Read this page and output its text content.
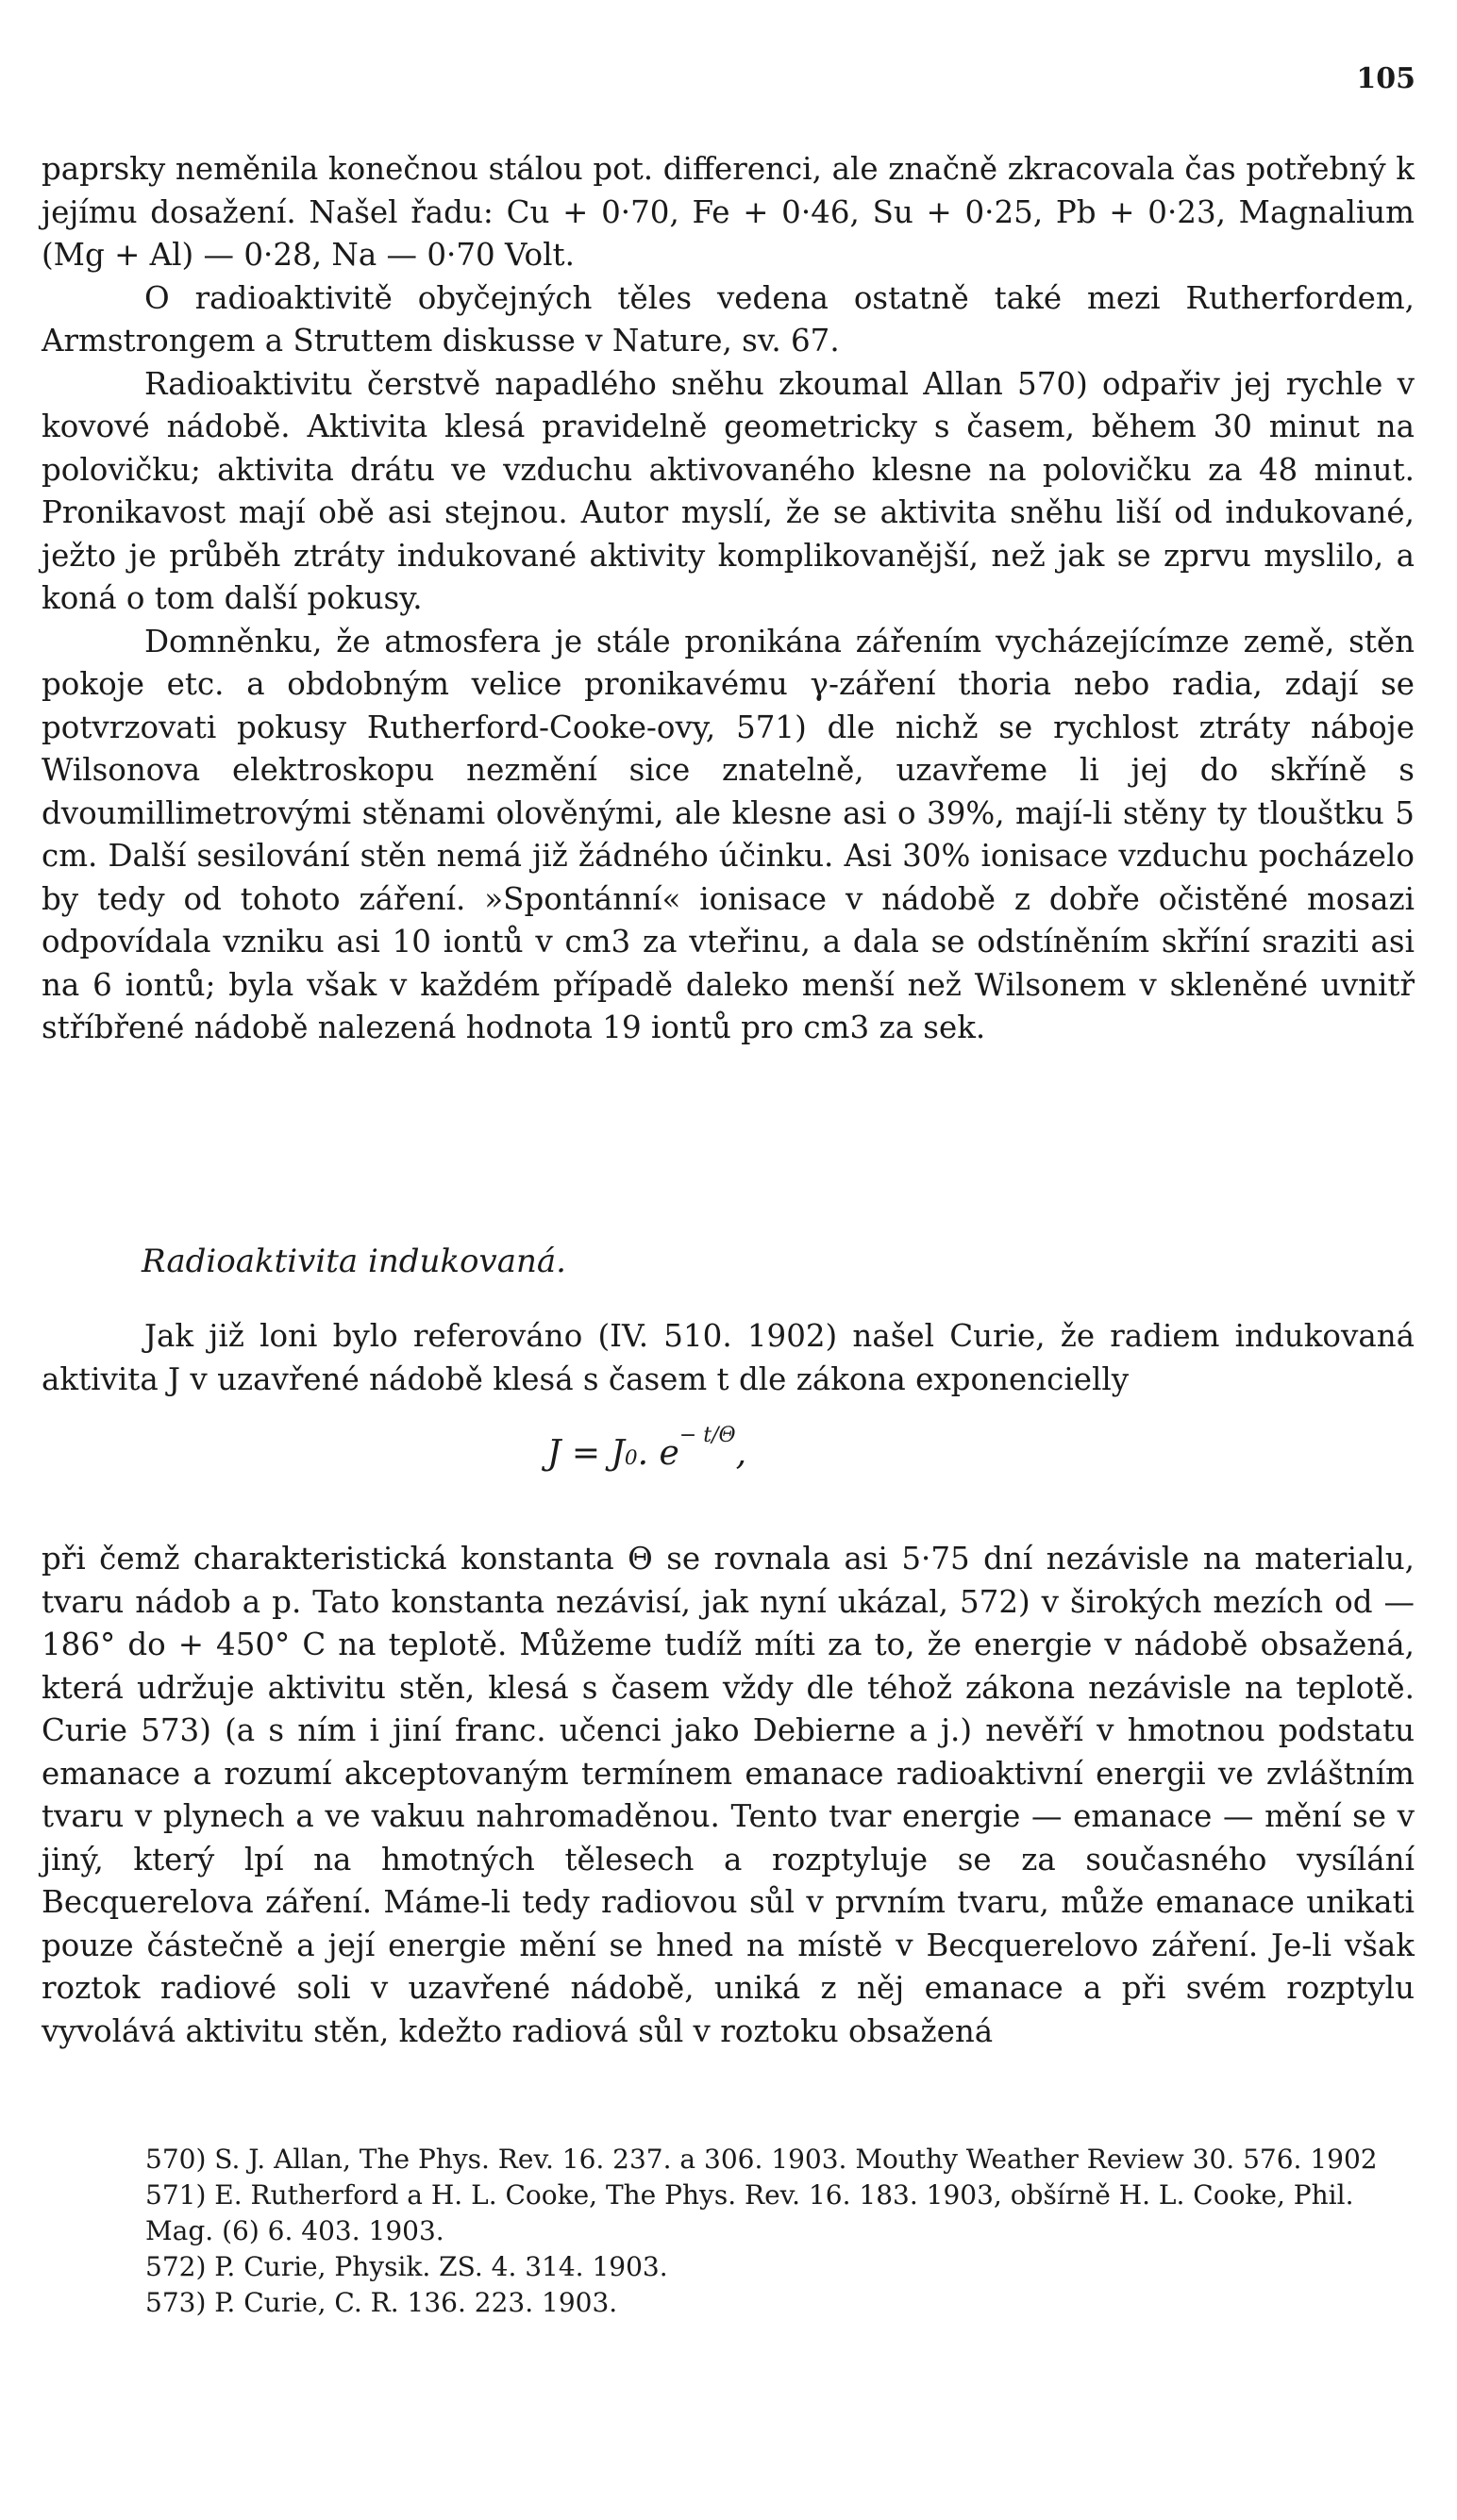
105

paprsky neměnila konečnou stálou pot. differenci, ale značně zkracovala čas potřebný k jejímu dosažení. Našel řadu: Cu + 0·70, Fe + 0·46, Su + 0·25, Pb + 0·23, Magnalium (Mg + Al) — 0·28, Na — 0·70 Volt.

O radioaktivitě obyčejných těles vedena ostatně také mezi Rutherfordem, Armstrongem a Struttem diskusse v Nature, sv. 67.

Radioaktivitu čerstvě napadlého sněhu zkoumal Allan 570) odpařiv jej rychle v kovové nádobě. Aktivita klesá pravidelně geometricky s časem, během 30 minut na polovičku; aktivita drátu ve vzduchu aktivovaného klesne na polovičku za 48 minut. Pronikavost mají obě asi stejnou. Autor myslí, že se aktivita sněhu liší od indukované, ježto je průběh ztráty indukované aktivity komplikovanější, než jak se zprvu myslilo, a koná o tom další pokusy.

Domněnku, že atmosfera je stále pronikána zářením vycházejícímze země, stěn pokoje etc. a obdobným velice pronikavému γ-záření thoria nebo radia, zdají se potvrzovati pokusy Rutherford-Cooke-ovy, 571) dle nichž se rychlost ztráty náboje Wilsonova elektroskopu nezmění sice znatelně, uzavřeme li jej do skříně s dvoumillimetrovými stěnami olověnými, ale klesne asi o 39%, mají-li stěny ty tlouštku 5 cm. Další sesilování stěn nemá již žádného účinku. Asi 30% ionisace vzduchu pocházelo by tedy od tohoto záření. »Spontánní« ionisace v nádobě z dobře očistěné mosazi odpovídala vzniku asi 10 iontů v cm3 za vteřinu, a dala se odstíněním skříní sraziti asi na 6 iontů; byla však v každém případě daleko menší než Wilsonem v skleněné uvnitř stříbřené nádobě nalezená hodnota 19 iontů pro cm3 za sek.

Radioaktivita indukovaná.

Jak již loni bylo referováno (IV. 510. 1902) našel Curie, že radiem indukovaná aktivita J v uzavřené nádobě klesá s časem t dle zákona exponencielly

J = J 0 . e − t/Θ ,

při čemž charakteristická konstanta Θ se rovnala asi 5·75 dní nezávisle na materialu, tvaru nádob a p. Tato konstanta nezávisí, jak nyní ukázal, 572) v širokých mezích od — 186° do + 450° C na teplotě. Můžeme tudíž míti za to, že energie v nádobě obsažená, která udržuje aktivitu stěn, klesá s časem vždy dle téhož zákona nezávisle na teplotě. Curie 573) (a s ním i jiní franc. učenci jako Debierne a j.) nevěří v hmotnou podstatu emanace a rozumí akceptovaným termínem emanace radioaktivní energii ve zvláštním tvaru v plynech a ve vakuu nahromaděnou. Tento tvar energie — emanace — mění se v jiný, který lpí na hmotných tělesech a rozptyluje se za současného vysílání Becquerelova záření. Máme-li tedy radiovou sůl v prvním tvaru, může emanace unikati pouze částečně a její energie mění se hned na místě v Becquerelovo záření. Je-li však roztok radiové soli v uzavřené nádobě, uniká z něj emanace a při svém rozptylu vyvolává aktivitu stěn, kdežto radiová sůl v roztoku obsažená

570) S. J. Allan, The Phys. Rev. 16. 237. a 306. 1903. Mouthy Weather Review 30. 576. 1902

571) E. Rutherford a H. L. Cooke, The Phys. Rev. 16. 183. 1903, obšírně H. L. Cooke, Phil. Mag. (6) 6. 403. 1903.

572) P. Curie, Physik. ZS. 4. 314. 1903.

573) P. Curie, C. R. 136. 223. 1903.
